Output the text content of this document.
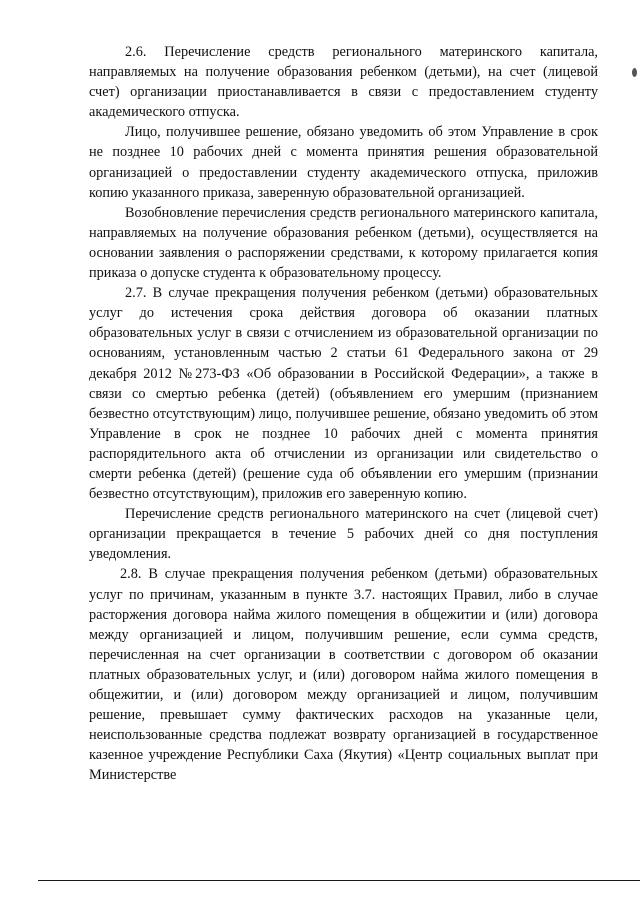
2.6. Перечисление средств регионального материнского капитала, направляемых на получение образования ребенком (детьми), на счет (лицевой счет) организации приостанавливается в связи с предоставлением студенту академического отпуска.

Лицо, получившее решение, обязано уведомить об этом Управление в срок не позднее 10 рабочих дней с момента принятия решения образовательной организацией о предоставлении студенту академического отпуска, приложив копию указанного приказа, заверенную образовательной организацией.

Возобновление перечисления средств регионального материнского капитала, направляемых на получение образования ребенком (детьми), осуществляется на основании заявления о распоряжении средствами, к которому прилагается копия приказа о допуске студента к образовательному процессу.

2.7. В случае прекращения получения ребенком (детьми) образовательных услуг до истечения срока действия договора об оказании платных образовательных услуг в связи с отчислением из образовательной организации по основаниям, установленным частью 2 статьи 61 Федерального закона от 29 декабря 2012 №273-ФЗ «Об образовании в Российской Федерации», а также в связи со смертью ребенка (детей) (объявлением его умершим (признанием безвестно отсутствующим) лицо, получившее решение, обязано уведомить об этом Управление в срок не позднее 10 рабочих дней с момента принятия распорядительного акта об отчислении из организации или свидетельство о смерти ребенка (детей) (решение суда об объявлении его умершим (признании безвестно отсутствующим), приложив его заверенную копию.

Перечисление средств регионального материнского на счет (лицевой счет) организации прекращается в течение 5 рабочих дней со дня поступления уведомления.

2.8. В случае прекращения получения ребенком (детьми) образовательных услуг по причинам, указанным в пункте 3.7. настоящих Правил, либо в случае расторжения договора найма жилого помещения в общежитии и (или) договора между организацией и лицом, получившим решение, если сумма средств, перечисленная на счет организации в соответствии с договором об оказании платных образовательных услуг, и (или) договором найма жилого помещения в общежитии, и (или) договором между организацией и лицом, получившим решение, превышает сумму фактических расходов на указанные цели, неиспользованные средства подлежат возврату организацией в государственное казенное учреждение Республики Саха (Якутия) «Центр социальных выплат при Министерстве
